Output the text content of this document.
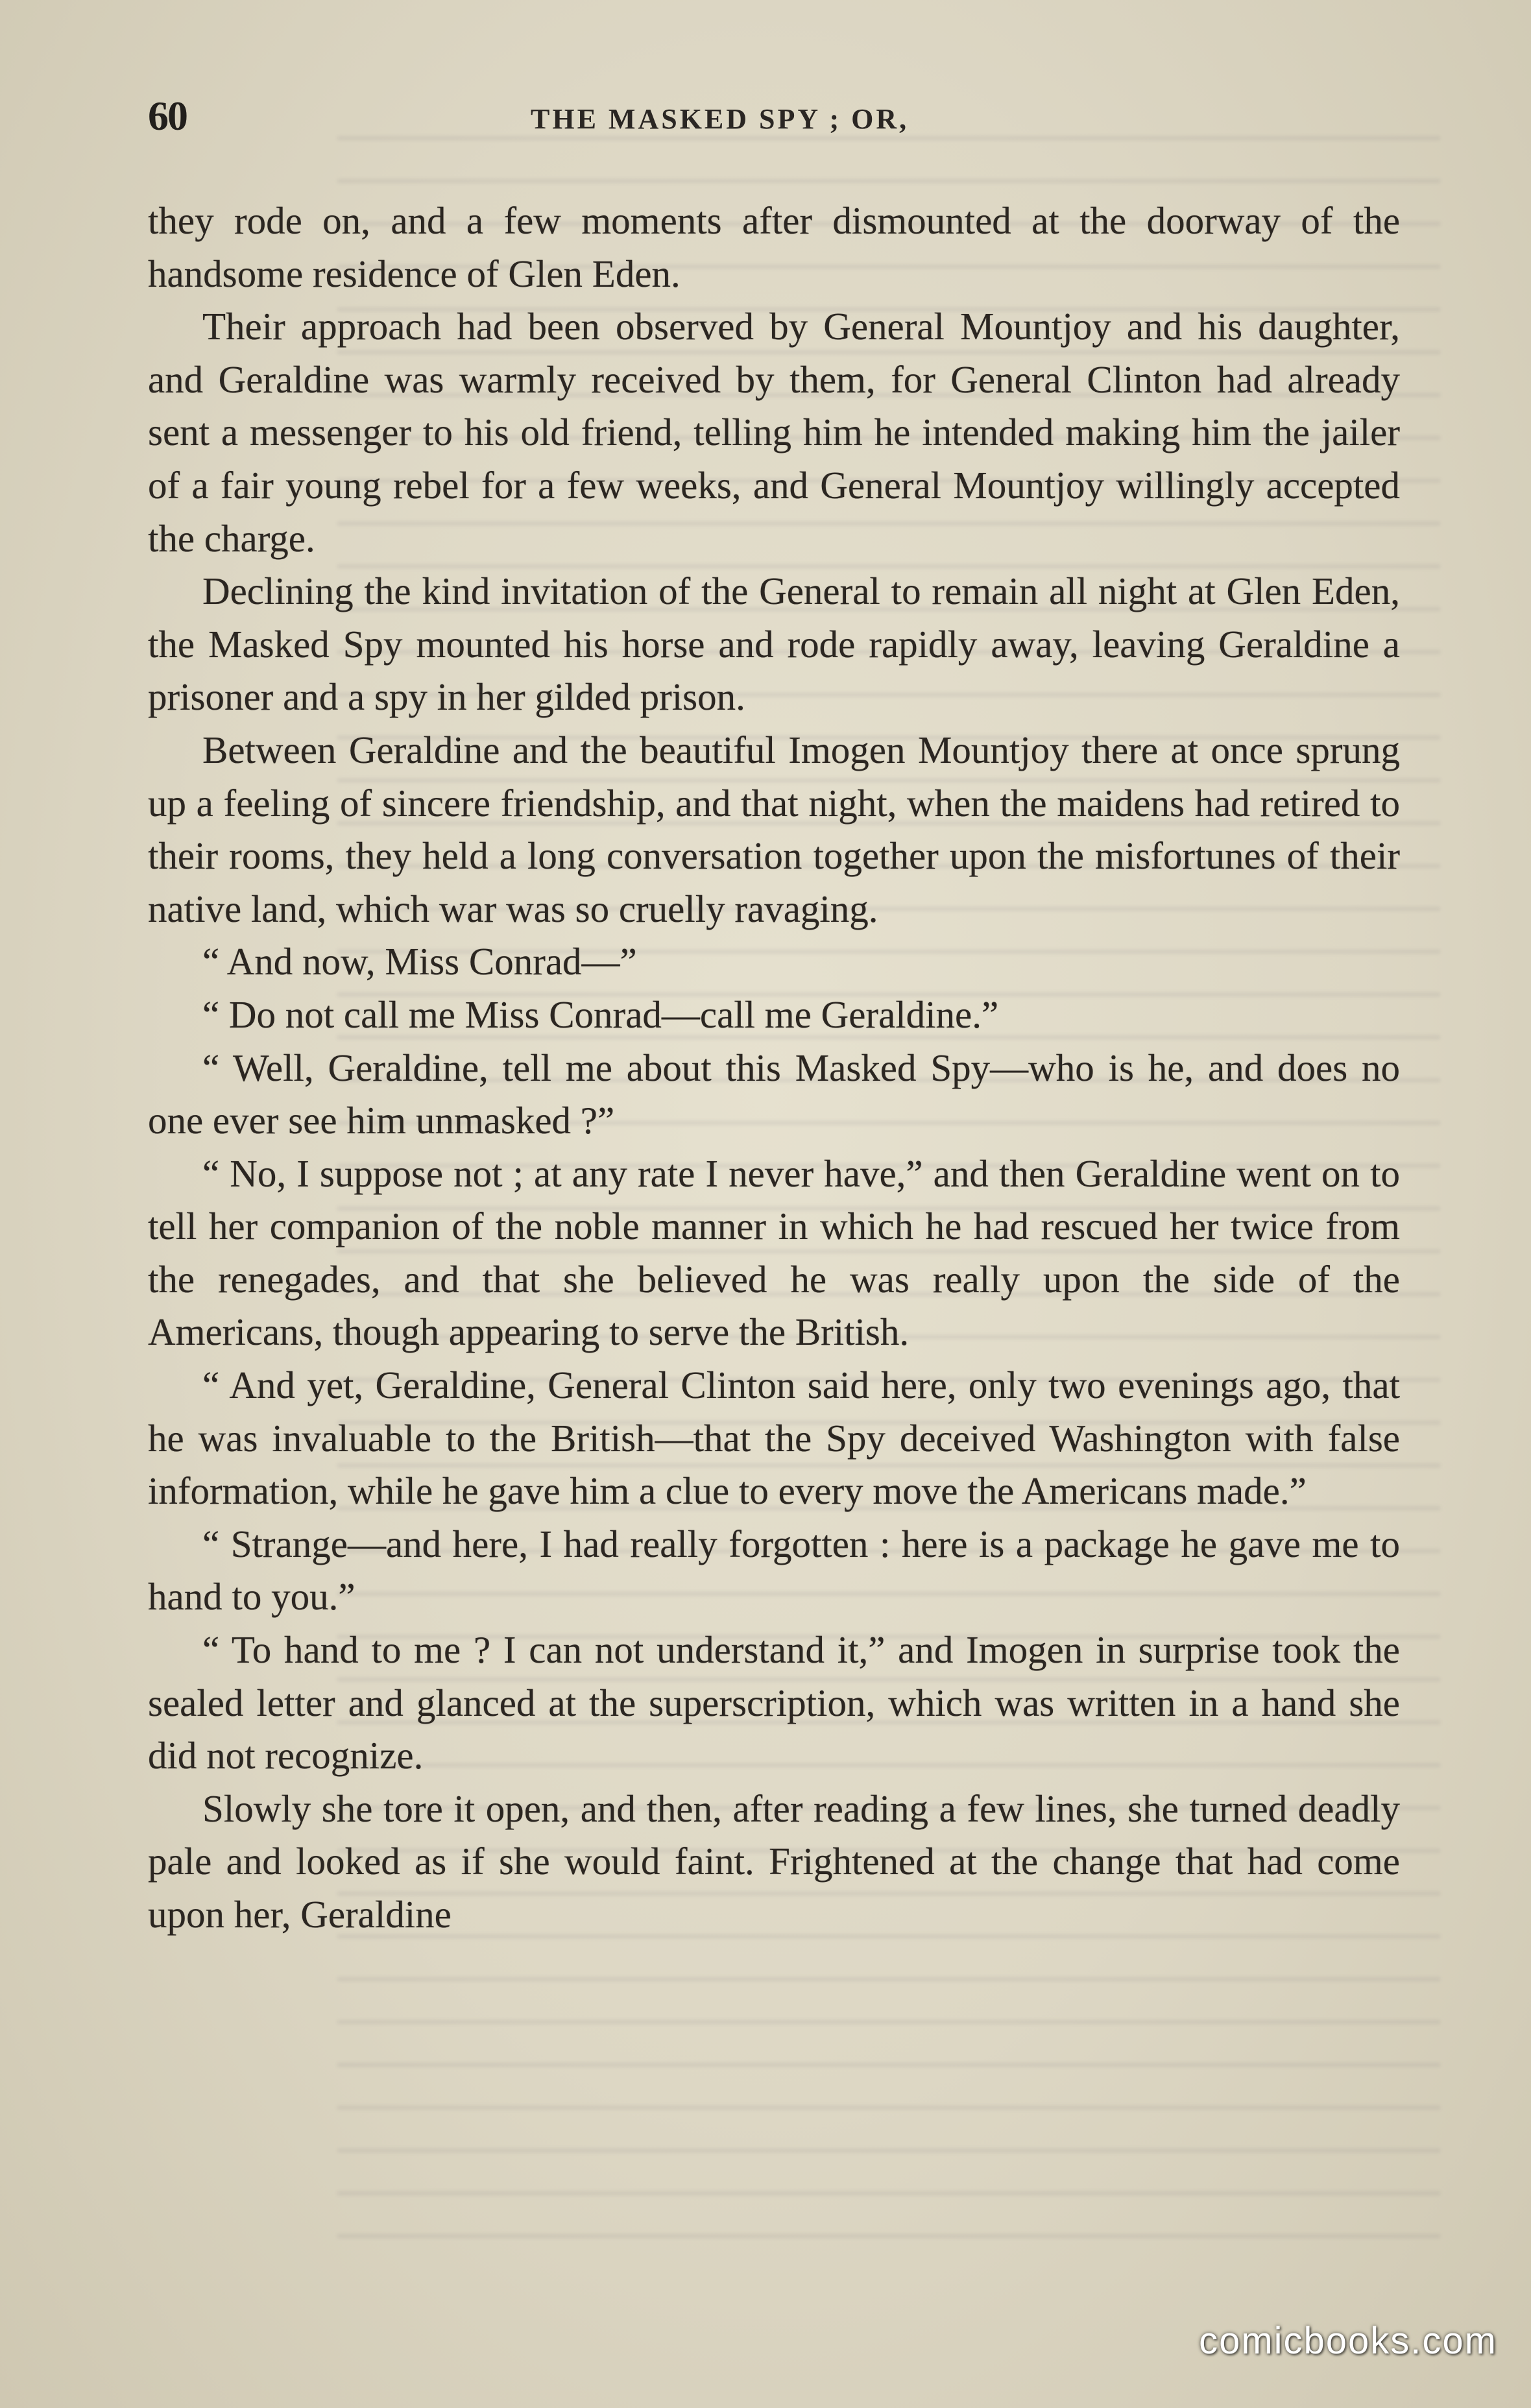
60	THE MASKED SPY ; OR,

they rode on, and a few moments after dismounted at the doorway of the handsome residence of Glen Eden.

Their approach had been observed by General Mountjoy and his daughter, and Geraldine was warmly received by them, for General Clinton had already sent a messenger to his old friend, telling him he intended making him the jailer of a fair young rebel for a few weeks, and General Mountjoy willingly accepted the charge.

Declining the kind invitation of the General to remain all night at Glen Eden, the Masked Spy mounted his horse and rode rapidly away, leaving Geraldine a prisoner and a spy in her gilded prison.

Between Geraldine and the beautiful Imogen Mountjoy there at once sprung up a feeling of sincere friendship, and that night, when the maidens had retired to their rooms, they held a long conversation together upon the misfortunes of their native land, which war was so cruelly ravaging.

“ And now, Miss Conrad—”

“ Do not call me Miss Conrad—call me Geraldine.”

“ Well, Geraldine, tell me about this Masked Spy—who is he, and does no one ever see him unmasked ?”

“ No, I suppose not ; at any rate I never have,” and then Geraldine went on to tell her companion of the noble manner in which he had rescued her twice from the renegades, and that she believed he was really upon the side of the Americans, though appearing to serve the British.

“ And yet, Geraldine, General Clinton said here, only two evenings ago, that he was invaluable to the British—that the Spy deceived Washington with false information, while he gave him a clue to every move the Americans made.”

“ Strange—and here, I had really forgotten : here is a package he gave me to hand to you.”

“ To hand to me ? I can not understand it,” and Imogen in surprise took the sealed letter and glanced at the superscription, which was written in a hand she did not recognize.

Slowly she tore it open, and then, after reading a few lines, she turned deadly pale and looked as if she would faint. Frightened at the change that had come upon her, Geraldine

comicbooks.com
